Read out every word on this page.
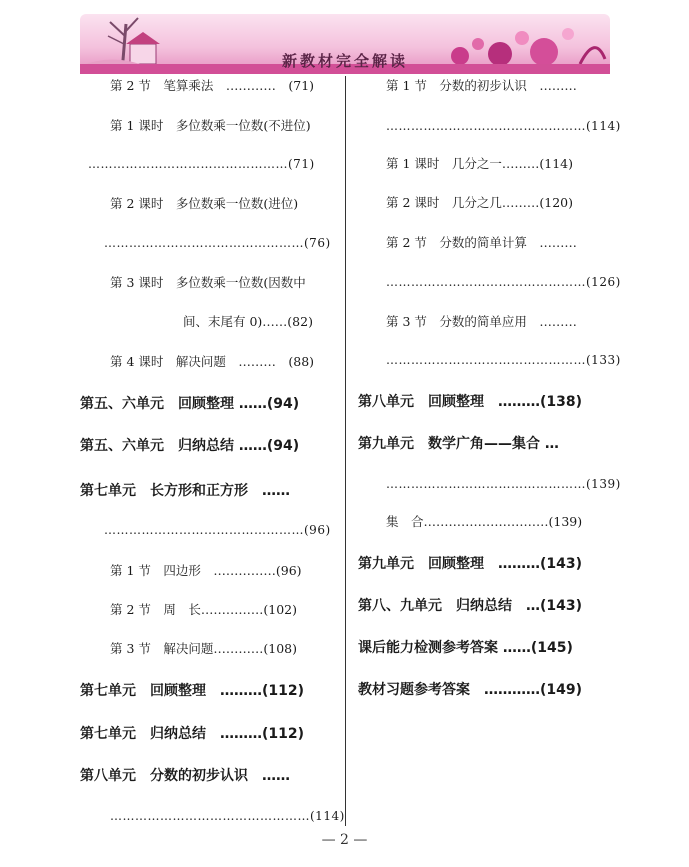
新教材完全解读
第 2 节　笔算乘法　…………　(71)
第 1 课时　多位数乘一位数(不进位)
…………………………………………(71)
第 2 课时　多位数乘一位数(进位)
…………………………………………(76)
第 3 课时　多位数乘一位数(因数中
间、末尾有 0)……(82)
第 4 课时　解决问题　………　(88)
第五、六单元　回顾整理 ……(94)
第五、六单元　归纳总结 ……(94)
第七单元　长方形和正方形　……
…………………………………………(96)
第 1 节　四边形　……………(96)
第 2 节　周　长……………(102)
第 3 节　解决问题…………(108)
第七单元　回顾整理　………(112)
第七单元　归纳总结　………(112)
第八单元　分数的初步认识　……
…………………………………………(114)
第 1 节　分数的初步认识　………
…………………………………………(114)
第 1 课时　几分之一………(114)
第 2 课时　几分之几………(120)
第 2 节　分数的简单计算　………
…………………………………………(126)
第 3 节　分数的简单应用　………
…………………………………………(133)
第八单元　回顾整理　………(138)
第九单元　数学广角——集合 …
…………………………………………(139)
集　合…………………………(139)
第九单元　回顾整理　………(143)
第八、九单元　归纳总结　…(143)
课后能力检测参考答案 ……(145)
教材习题参考答案　…………(149)
— 2 —
